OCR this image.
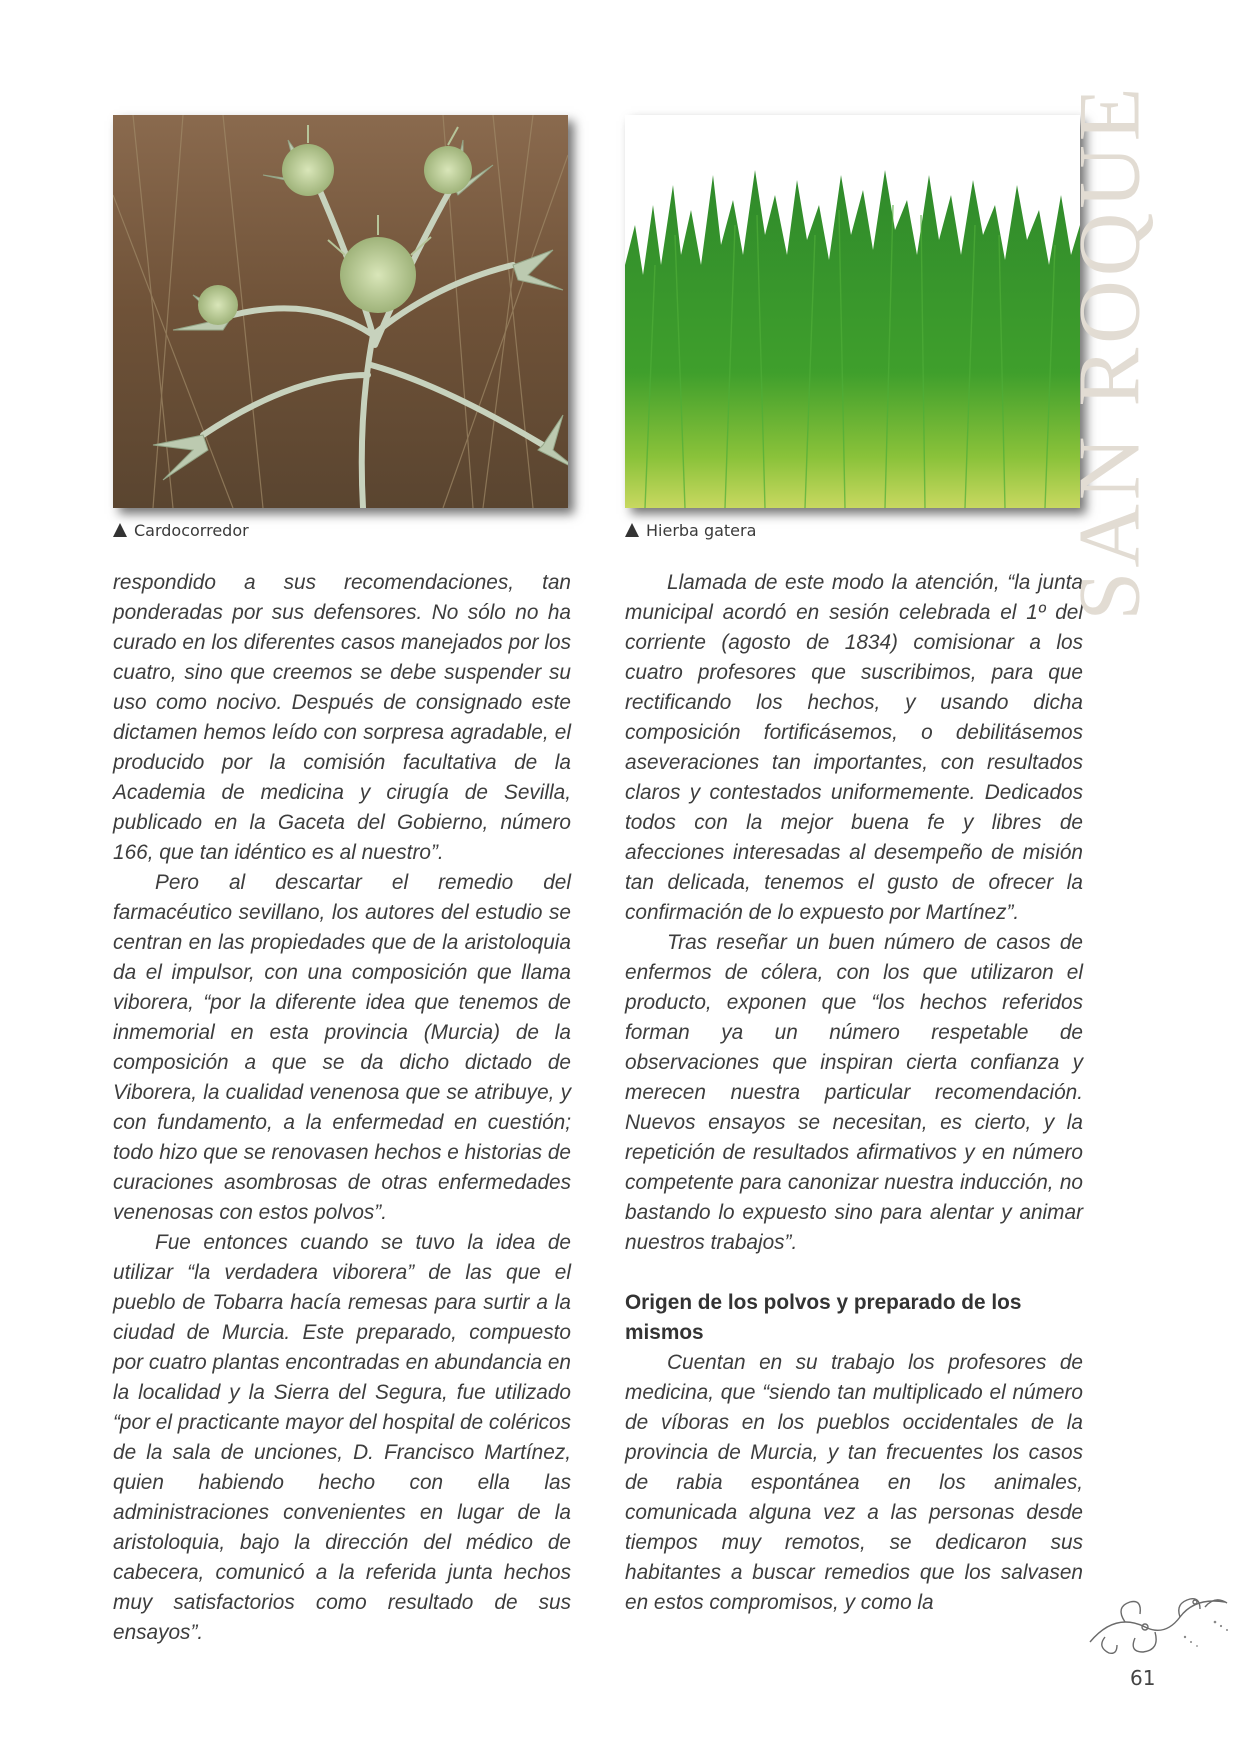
Cardocorredor	Hierba gatera

respondido a sus recomendaciones, tan ponderadas por sus defensores. No sólo no ha curado en los diferentes casos manejados por los cuatro, sino que creemos se debe suspender su uso como nocivo. Después de consignado este dictamen hemos leído con sorpresa agradable, el producido por la comisión facultativa de la Academia de medicina y cirugía de Sevilla, publicado en la Gaceta del Gobierno, número 166, que tan idéntico es al nuestro”.

Pero al descartar el remedio del farmacéutico sevillano, los autores del estudio se centran en las propiedades que de la aristoloquia da el impulsor, con una composición que llama viborera, “por la diferente idea que tenemos de inmemorial en esta provincia (Murcia) de la composición a que se da dicho dictado de Viborera, la cualidad venenosa que se atribuye, y con fundamento, a la enfermedad en cuestión; todo hizo que se renovasen hechos e historias de curaciones asombrosas de otras enfermedades venenosas con estos polvos”.

Fue entonces cuando se tuvo la idea de utilizar “la verdadera viborera” de las que el pueblo de Tobarra hacía remesas para surtir a la ciudad de Murcia. Este preparado, compuesto por cuatro plantas encontradas en abundancia en la localidad y la Sierra del Segura, fue utilizado “por el practicante mayor del hospital de coléricos de la sala de unciones, D. Francisco Martínez, quien habiendo hecho con ella las administraciones convenientes en lugar de la aristoloquia, bajo la dirección del médico de cabecera, comunicó a la referida junta hechos muy satisfactorios como resultado de sus ensayos”.

Llamada de este modo la atención, “la junta municipal acordó en sesión celebrada el 1º del corriente (agosto de 1834) comisionar a los cuatro profesores que suscribimos, para que rectificando los hechos, y usando dicha composición fortificásemos, o debilitásemos aseveraciones tan importantes, con resultados claros y contestados uniformemente. Dedicados todos con la mejor buena fe y libres de afecciones interesadas al desempeño de misión tan delicada, tenemos el gusto de ofrecer la confirmación de lo expuesto por Martínez”.

Tras reseñar un buen número de casos de enfermos de cólera, con los que utilizaron el producto, exponen que “los hechos referidos forman ya un número respetable de observaciones que inspiran cierta confianza y merecen nuestra particular recomendación. Nuevos ensayos se necesitan, es cierto, y la repetición de resultados afirmativos y en número competente para canonizar nuestra inducción, no bastando lo expuesto sino para alentar y animar nuestros trabajos”.

Origen de los polvos y preparado de los mismos

Cuentan en su trabajo los profesores de medicina, que “siendo tan multiplicado el número de víboras en los pueblos occidentales de la provincia de Murcia, y tan frecuentes los casos de rabia espontánea en los animales, comunicada alguna vez a las personas desde tiempos muy remotos, se dedicaron sus habitantes a buscar remedios que los salvasen en estos compromisos, y como la

SAN ROQUE
61
